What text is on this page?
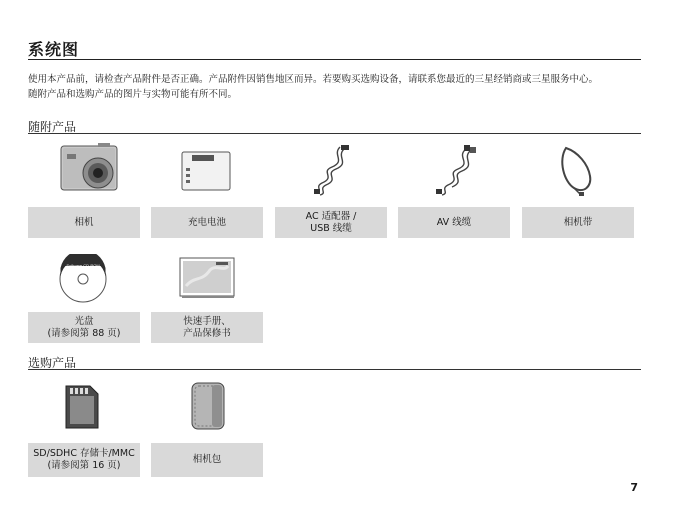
系统图
使用本产品前，请检查产品附件是否正确。产品附件因销售地区而异。若要购买选购设备，请联系您最近的三星经销商或三星服务中心。
随附产品和选购产品的图片与实物可能有所不同。
随附产品
相机	充电电池
AC 适配器 /
USB 线缆
AV 线缆	相机带
Software CD-ROM
光盘
(请参阅第 88 页)
快速手册、
产品保修书
选购产品
SD/SDHC 存储卡/MMC
(请参阅第 16 页)
相机包
7
